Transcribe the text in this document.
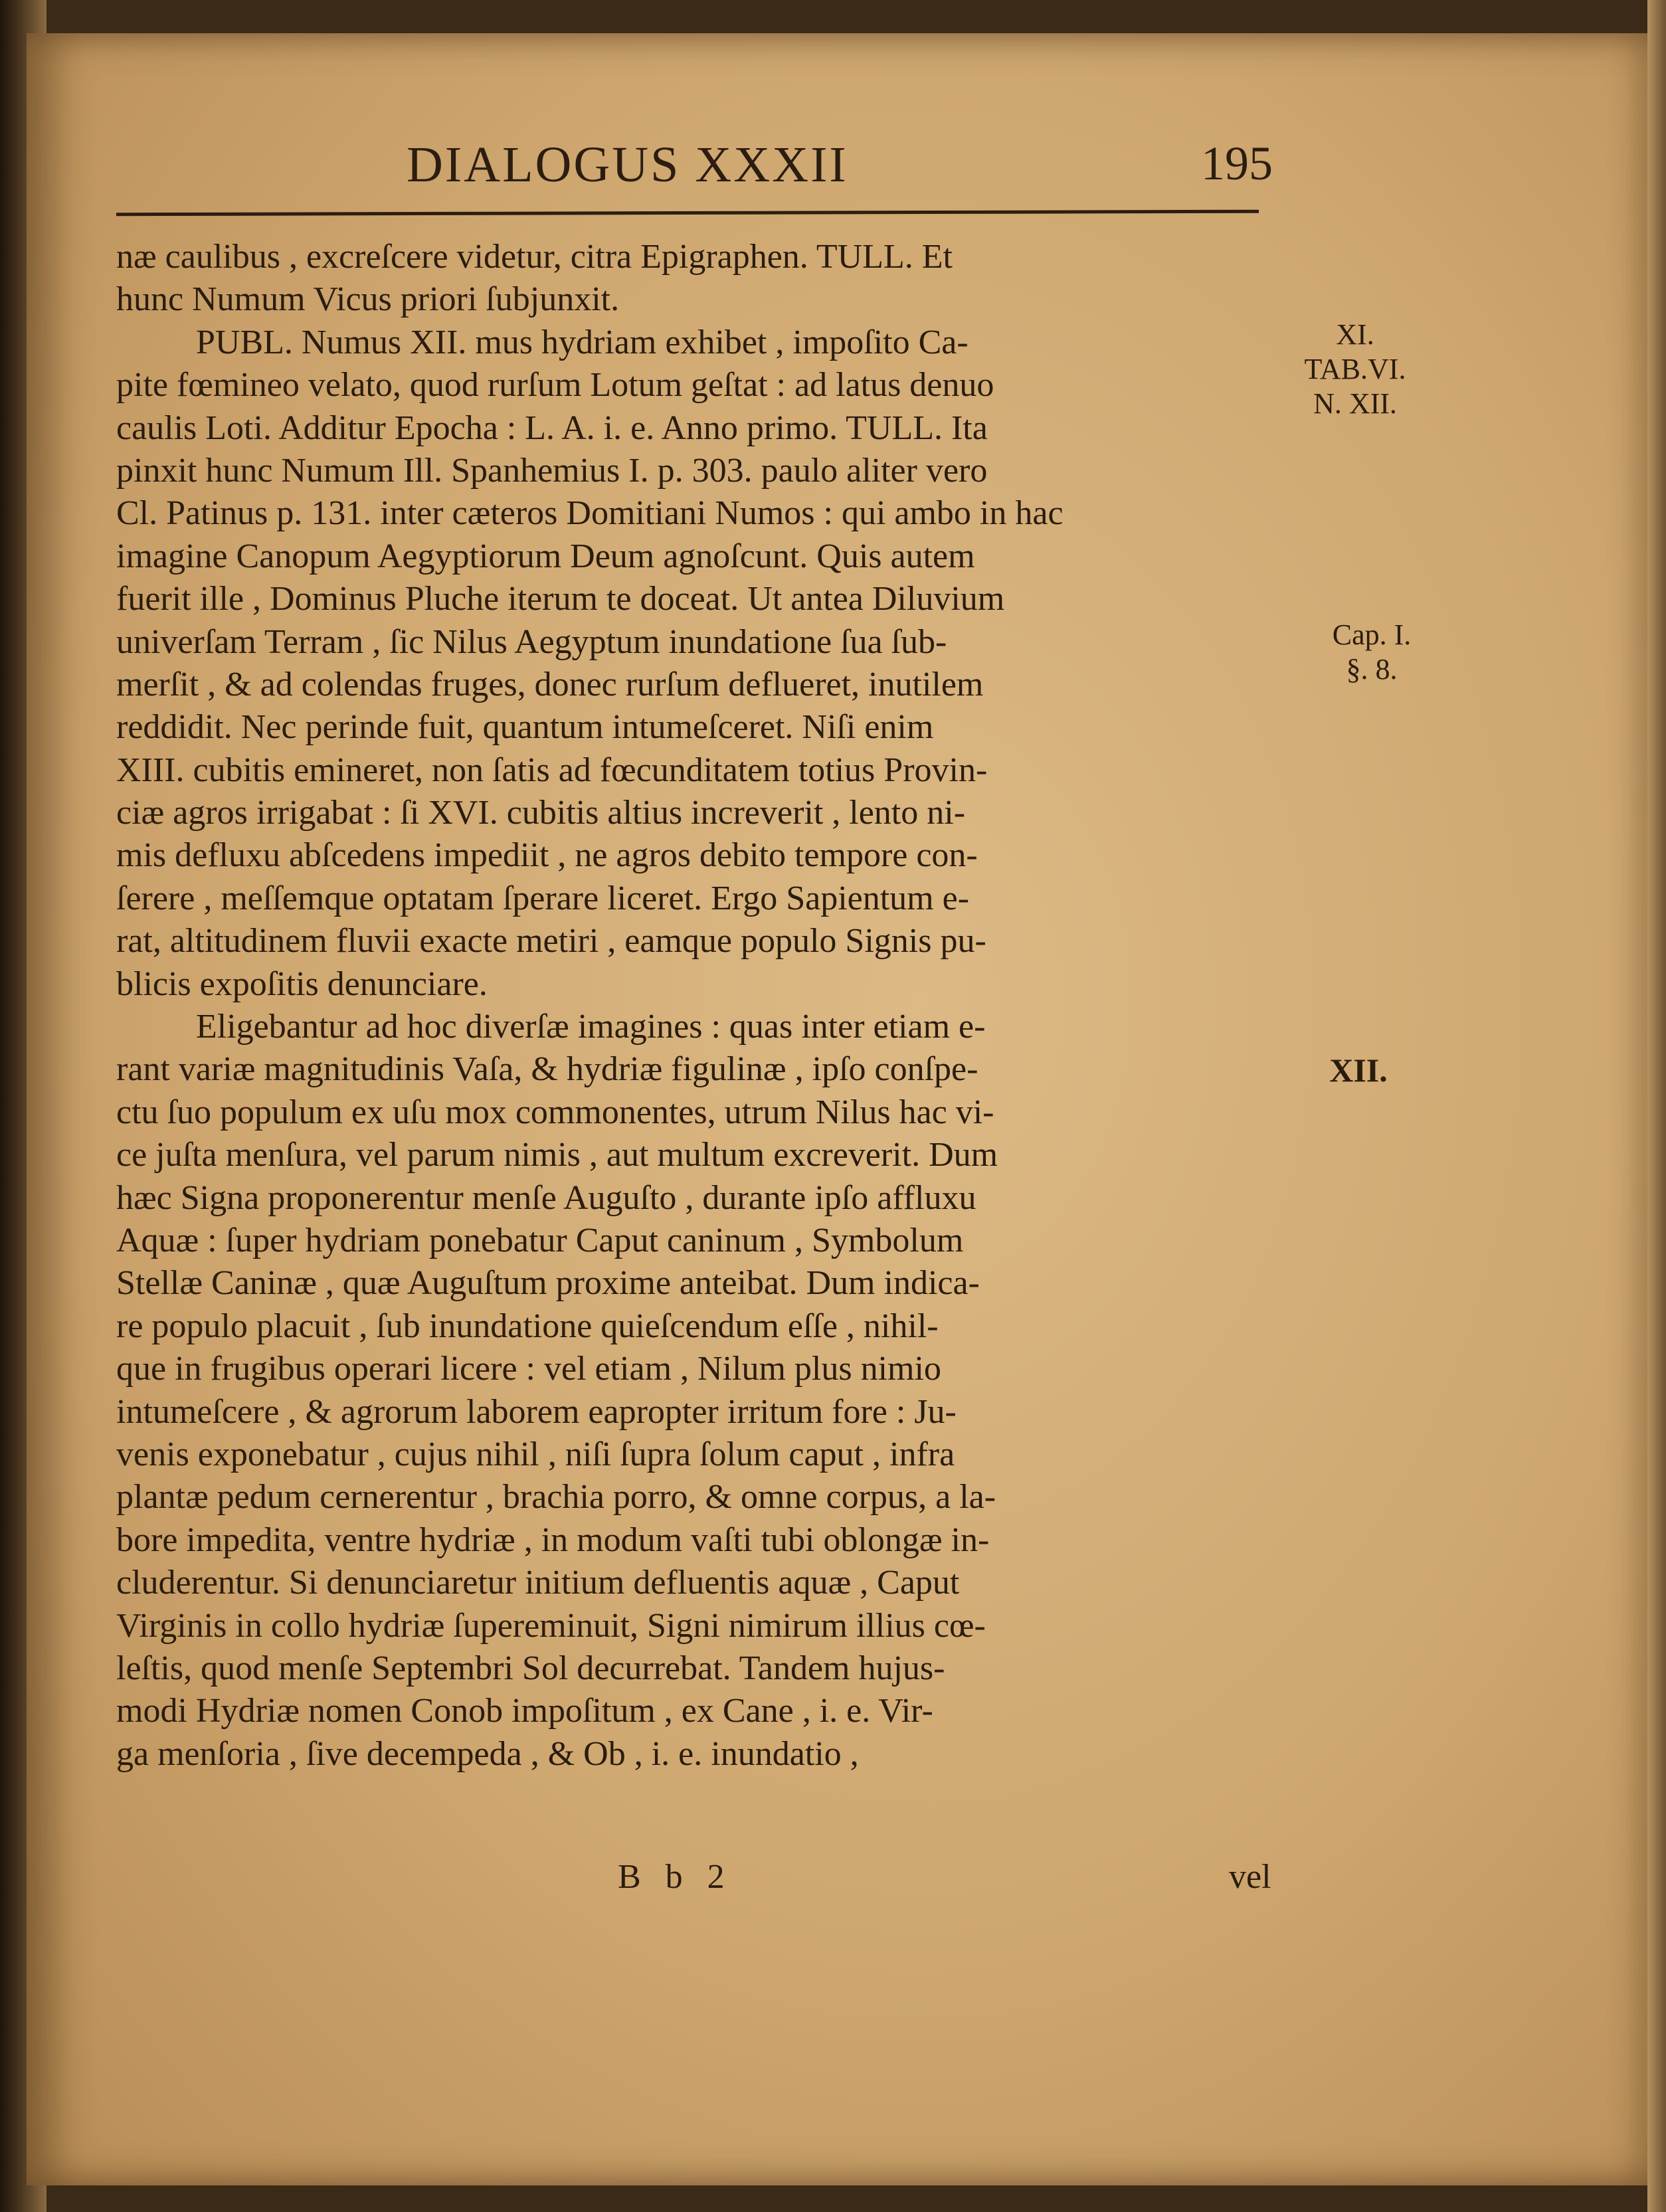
DIALOGUS XXXII	195
næ caulibus , excreſcere videtur, citra Epigraphen. TULL. Et
hunc Numum Vicus priori ſubjunxit.
PUBL. Numus XII. mus hydriam exhibet , impoſito Ca-
pite fœmineo velato, quod rurſum Lotum geſtat : ad latus denuo
caulis Loti. Additur Epocha : L. A. i. e. Anno primo. TULL. Ita
pinxit hunc Numum Ill. Spanhemius I. p. 303. paulo aliter vero
Cl. Patinus p. 131. inter cæteros Domitiani Numos : qui ambo in hac
imagine Canopum Aegyptiorum Deum agnoſcunt. Quis autem
fuerit ille , Dominus Pluche iterum te doceat. Ut antea Diluvium
univerſam Terram , ſic Nilus Aegyptum inundatione ſua ſub-
merſit , & ad colendas fruges, donec rurſum deflueret, inutilem
reddidit. Nec perinde fuit, quantum intumeſceret. Niſi enim
XIII. cubitis emineret, non ſatis ad fœcunditatem totius Provin-
ciæ agros irrigabat : ſi XVI. cubitis altius increverit , lento ni-
mis defluxu abſcedens impediit , ne agros debito tempore con-
ſerere , meſſemque optatam ſperare liceret. Ergo Sapientum e-
rat, altitudinem fluvii exacte metiri , eamque populo Signis pu-
blicis expoſitis denunciare.
Eligebantur ad hoc diverſæ imagines : quas inter etiam e-
rant variæ magnitudinis Vaſa, & hydriæ figulinæ , ipſo conſpe-
ctu ſuo populum ex uſu mox commonentes, utrum Nilus hac vi-
ce juſta menſura, vel parum nimis , aut multum excreverit. Dum
hæc Signa proponerentur menſe Auguſto , durante ipſo affluxu
Aquæ : ſuper hydriam ponebatur Caput caninum , Symbolum
Stellæ Caninæ , quæ Auguſtum proxime anteibat. Dum indica-
re populo placuit , ſub inundatione quieſcendum eſſe , nihil-
que in frugibus operari licere : vel etiam , Nilum plus nimio
intumeſcere , & agrorum laborem eapropter irritum fore : Ju-
venis exponebatur , cujus nihil , niſi ſupra ſolum caput , infra
plantæ pedum cernerentur , brachia porro, & omne corpus, a la-
bore impedita, ventre hydriæ , in modum vaſti tubi oblongæ in-
cluderentur. Si denunciaretur initium defluentis aquæ , Caput
Virginis in collo hydriæ ſupereminuit, Signi nimirum illius cœ-
leſtis, quod menſe Septembri Sol decurrebat. Tandem hujus-
modi Hydriæ nomen Conob impoſitum , ex Cane , i. e. Vir-
ga menſoria , ſive decempeda , & Ob , i. e. inundatio ,
B b 2	vel
XI.
TAB.VI.
N. XII.
Cap. I.
§. 8.
XII.
